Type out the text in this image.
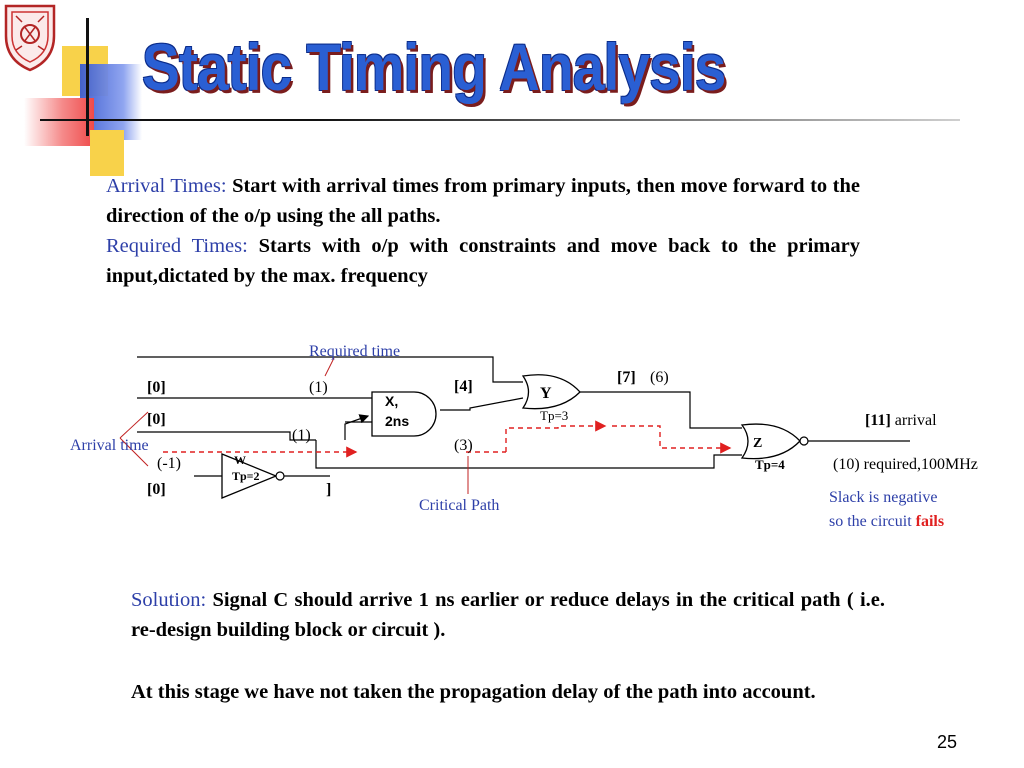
Static Timing Analysis
Arrival Times: Start with arrival times from primary inputs, then move forward to the direction of the o/p using the all paths.
Required Times: Starts with o/p with constraints and move back to the primary input,dictated by the max. frequency
Required time
Arrival time
Critical Path
[0]	(1)
[0]
(-1)
[0]
(1)
[4]
(3)
]
X,
2ns
W
Tp=2
Y
Tp=3
[7] (6)
Z
Tp=4
[11] arrival
(10) required,100MHz
Slack is negative
so the circuit fails
Solution: Signal C should arrive 1 ns earlier or reduce delays in the critical path ( i.e. re-design building block or circuit ).
At this stage we have not taken the propagation delay of the path into account.
25
